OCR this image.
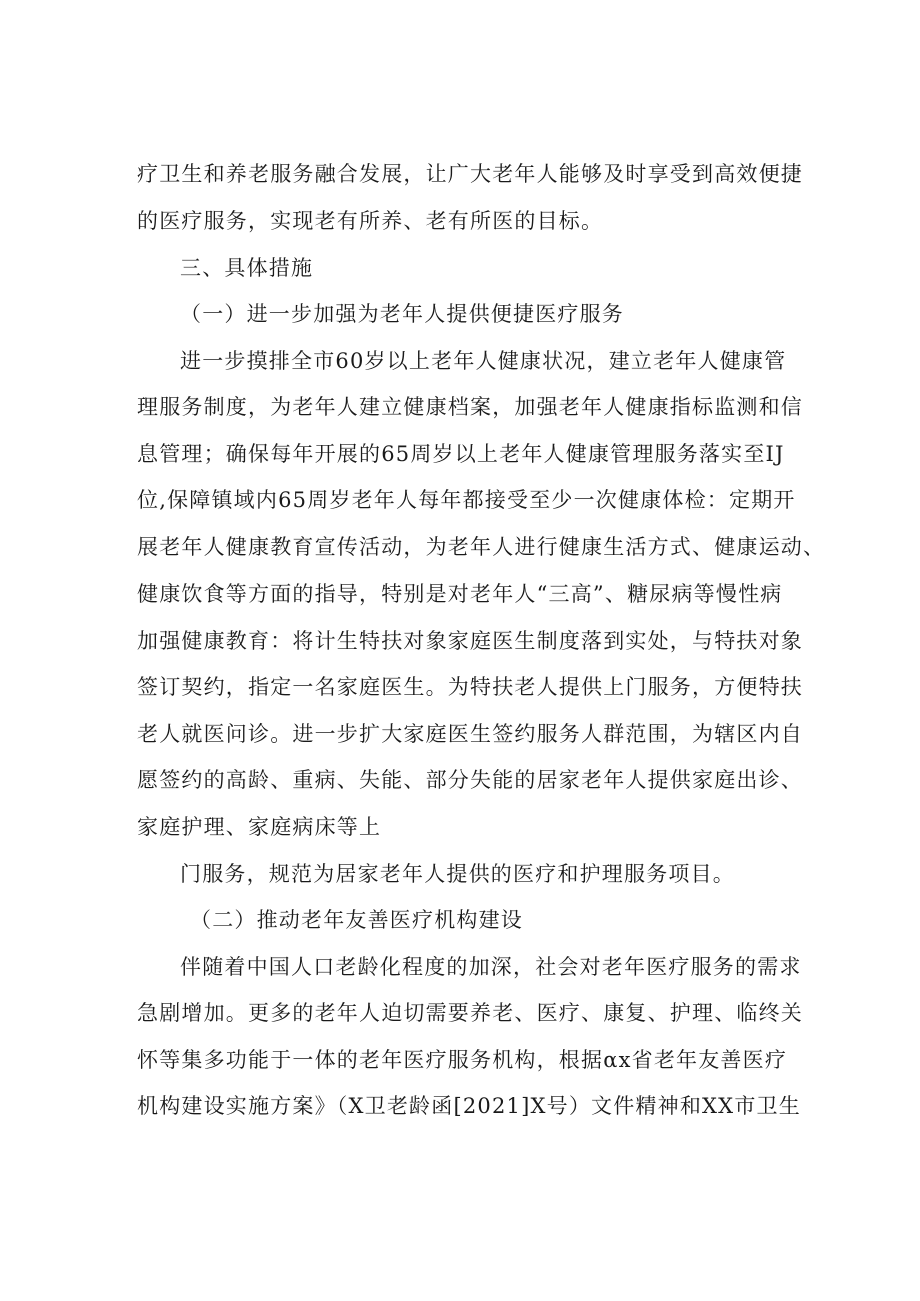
疗卫生和养老服务融合发展，让广大老年人能够及时享受到高效便捷
的医疗服务，实现老有所养、老有所医的目标。
三、具体措施
（一）进一步加强为老年人提供便捷医疗服务
进一步摸排全市60岁以上老年人健康状况，建立老年人健康管
理服务制度，为老年人建立健康档案，加强老年人健康指标监测和信
息管理；确保每年开展的65周岁以上老年人健康管理服务落实至IJ
位,保障镇域内65周岁老年人每年都接受至少一次健康体检：定期开
展老年人健康教育宣传活动，为老年人进行健康生活方式、健康运动、
健康饮食等方面的指导，特别是对老年人“三高”、糖尿病等慢性病
加强健康教育：将计生特扶对象家庭医生制度落到实处，与特扶对象
签订契约，指定一名家庭医生。为特扶老人提供上门服务，方便特扶
老人就医问诊。进一步扩大家庭医生签约服务人群范围，为辖区内自
愿签约的高龄、重病、失能、部分失能的居家老年人提供家庭出诊、
家庭护理、家庭病床等上
门服务，规范为居家老年人提供的医疗和护理服务项目。
（二）推动老年友善医疗机构建设
伴随着中国人口老龄化程度的加深，社会对老年医疗服务的需求
急剧增加。更多的老年人迫切需要养老、医疗、康复、护理、临终关
怀等集多功能于一体的老年医疗服务机构，根据αx省老年友善医疗
机构建设实施方案》（X卫老龄函[2021]X号）文件精神和XX市卫生
